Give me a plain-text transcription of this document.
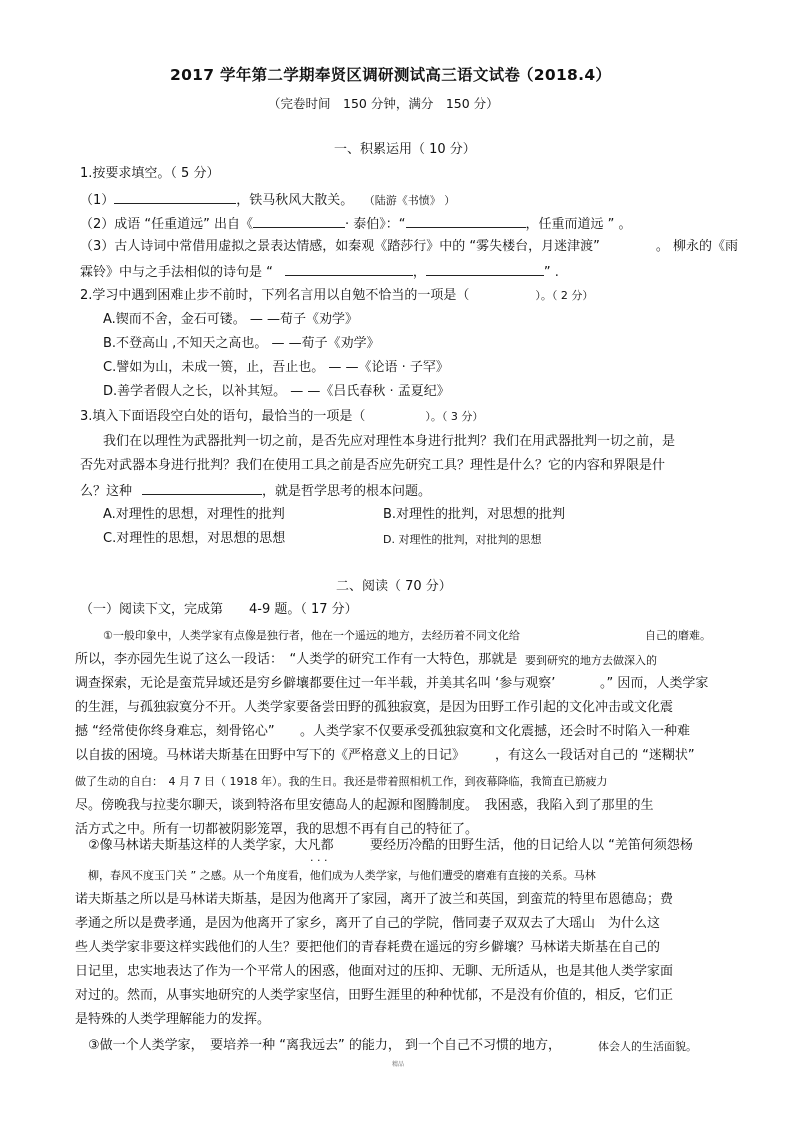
2017 学年第二学期奉贤区调研测试高三语文试卷
（2018.4）
（完卷时间　150 分钟，满分　150 分）
一、积累运用（ 10 分）
1.按要求填空。（ 5 分）
（1）	，铁马秋风大散关。 （陆游《书愤》 ）
（2）成语 “任重道远” 出自《	· 泰伯》：“	，任重而道远 ” 。
（3）古人诗词中常借用虚拟之景表达情感，如秦观《踏莎行》中的 “雾失楼台，月迷津渡”	。 柳永的《雨
霖铃》中与之手法相似的诗句是 “	，	” .
2.学习中遇到困难止步不前时，下列名言用以自勉不恰当的一项是（	）。（ 2 分）
A.锲而不舍，金石可镂。 — —荀子《劝学》
B.不登高山 ,不知天之高也。 — —荀子《劝学》
C.譬如为山，未成一篑，止，吾止也。 — —《论语 · 子罕》
D.善学者假人之长，以补其短。 — —《吕氏春秋 · 孟夏纪》
3.填入下面语段空白处的语句，最恰当的一项是（	）。（ 3 分）
我们在以理性为武器批判一切之前，是否先应对理性本身进行批判？我们在用武器批判一切之前，是
否先对武器本身进行批判？我们在使用工具之前是否应先研究工具？理性是什么？它的内容和界限是什
么？这种	，就是哲学思考的根本问题。
A.对理性的思想，对理性的批判	B.对理性的批判，对思想的批判
C.对理性的思想，对思想的思想	D. 对理性的批判，对批判的思想
二、阅读（ 70 分）
（一）阅读下文，完成第　　4-9 题。（ 17 分）
①一般印象中，人类学家有点像是独行者，他在一个遥远的地方，去经历着不同文化给	自己的磨难。
所以，李亦园先生说了这么一段话：　“人类学的研究工作有一大特色，那就是 要到研究的地方去做深入的
调查探索，无论是蛮荒异域还是穷乡僻壤都要住过一年半载，并美其名叫 ‘参与观察’	。” 因而，人类学家
的生涯，与孤独寂寞分不开。人类学家要备尝田野的孤独寂寞，是因为田野工作引起的文化冲击或文化震
撼 “经常使你终身难忘，刻骨铭心” 。人类学家不仅要承受孤独寂寞和文化震撼，还会时不时陷入一种难
以自拔的困境。马林诺夫斯基在田野中写下的《严格意义上的日记》 ，有这么一段话对自己的 “迷糊状”
做了生动的自白：　4 月 7 日（ 1918 年）。我的生日。我还是带着照相机工作，到夜幕降临，我简直已筋疲力
尽。傍晚我与拉斐尔聊天，谈到特洛布里安德岛人的起源和图腾制度。　我困惑，我陷入到了那里的生
活方式之中。所有一切都被阴影笼罩，我的思想不再有自己的特征了。
②像马林诺夫斯基这样的人类学家，大凡都	要经历冷酷的田野生活，他的日记给人以 “羌笛何须怨杨
· · ·
柳，春风不度玉门关 ” 之感。从一个角度看，他们成为人类学家，与他们遭受的磨难有直接的关系。马林
诺夫斯基之所以是马林诺夫斯基，是因为他离开了家园，离开了波兰和英国，到蛮荒的特里布恩德岛；费
孝通之所以是费孝通，是因为他离开了家乡，离开了自己的学院，偕同妻子双双去了大瑶山　为什么这
些人类学家非要这样实践他们的人生？要把他们的青春耗费在遥远的穷乡僻壤？马林诺夫斯基在自己的
日记里，忠实地表达了作为一个平常人的困惑，他面对过的压抑、无聊、无所适从，也是其他人类学家面
对过的。然而，从事实地研究的人类学家坚信，田野生涯里的种种忧郁，不是没有价值的，相反，它们正
是特殊的人类学理解能力的发挥。
③做一个人类学家，　要培养一种 “离我远去” 的能力， 到一个自己不习惯的地方，	体会人的生活面貌。
精品
